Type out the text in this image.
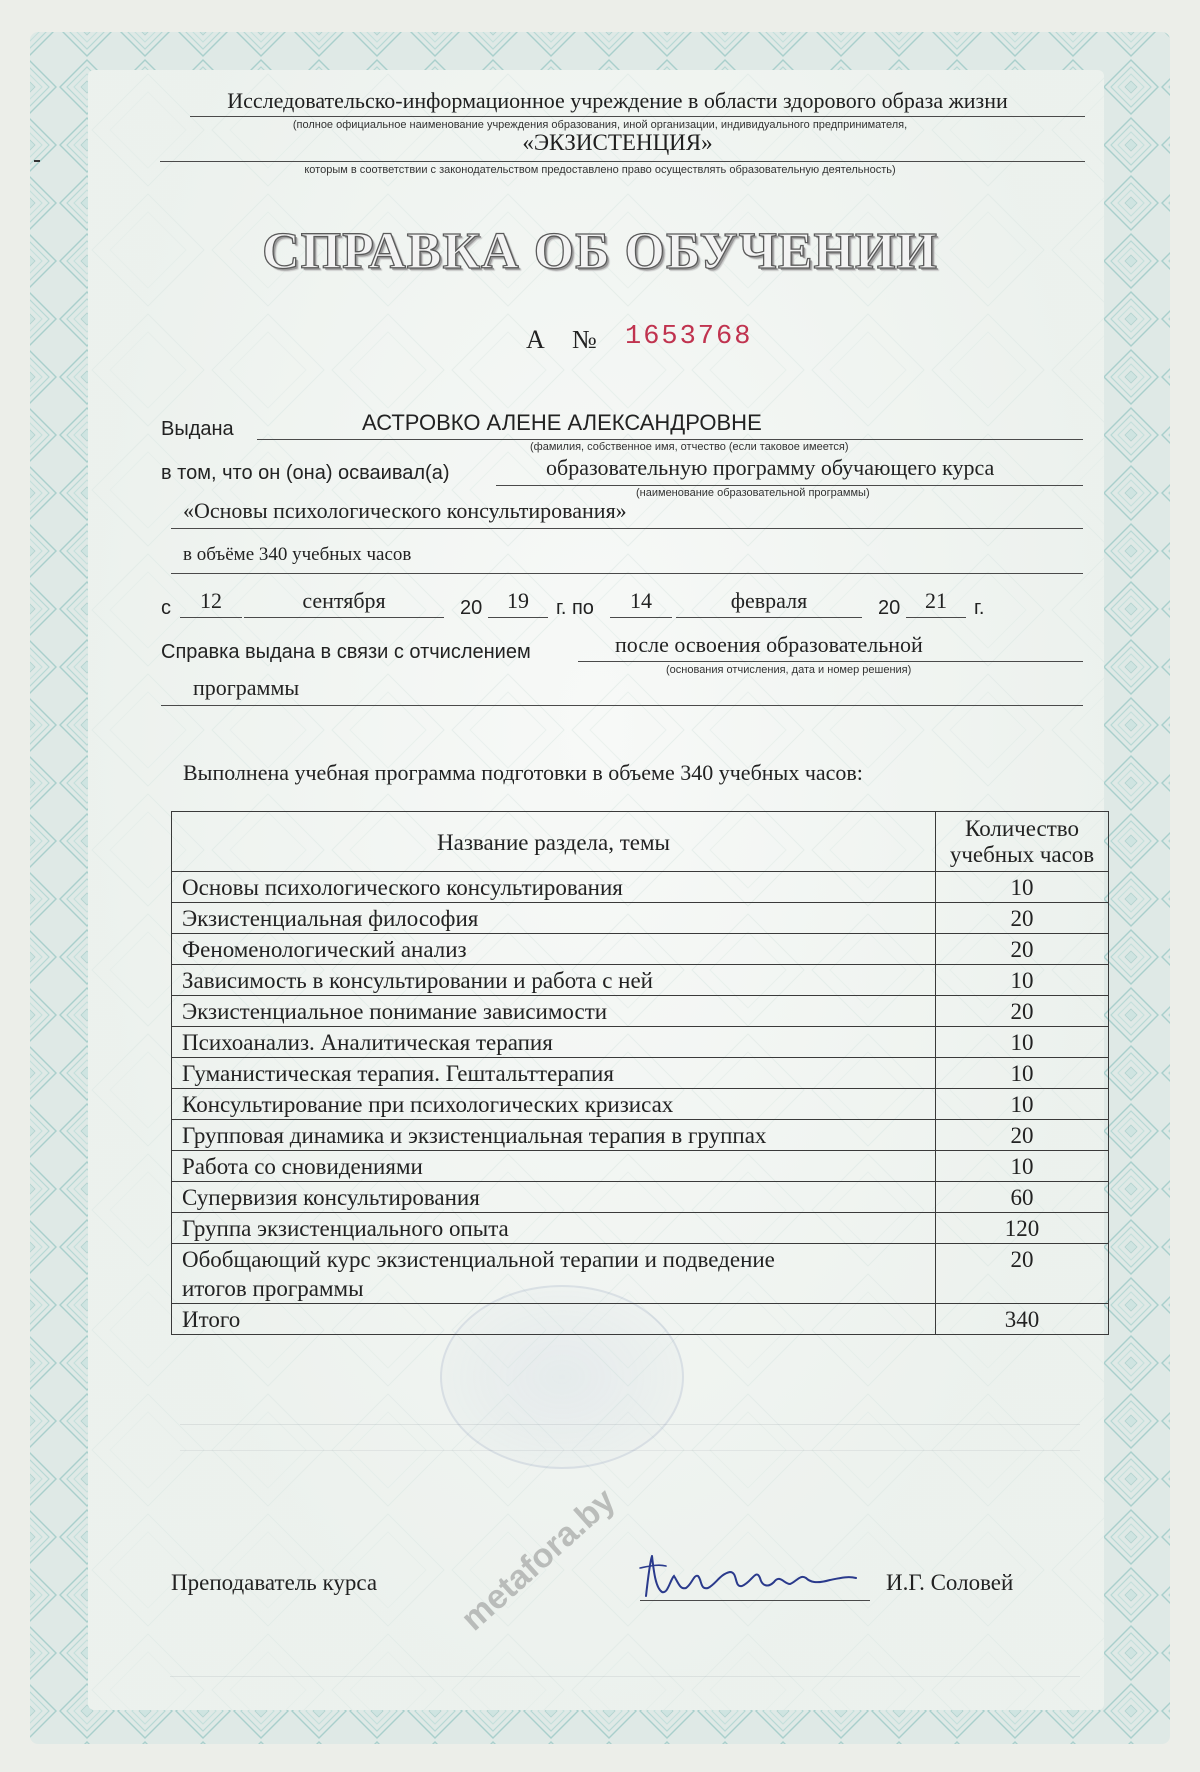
Исследовательско-информационное учреждение в области здорового образа жизни
(полное официальное наименование учреждения образования, иной организации, индивидуального предпринимателя,
«ЭКЗИСТЕНЦИЯ»
которым в соответствии с законодательством предоставлено право осуществлять образовательную деятельность)
СПРАВКА ОБ ОБУЧЕНИИ
А № 1653768
Выдана	АСТРОВКО АЛЕНЕ АЛЕКСАНДРОВНЕ
(фамилия, собственное имя, отчество (если таковое имеется)
в том, что он (она) осваивал(а)	образовательную программу обучающего курса
(наименование образовательной программы)
«Основы психологического консультирования»
в объёме 340 учебных часов
с	12	сентября	20	19	г. по	14	февраля	20	21	г.
Справка выдана в связи с отчислением	после освоения образовательной
(основания отчисления, дата и номер решения)
программы
Выполнена учебная программа подготовки в объеме 340 учебных часов:
Название раздела, темы	Количество учебных часов
Основы психологического консультирования	10
Экзистенциальная философия	20
Феноменологический анализ	20
Зависимость в консультировании и работа с ней	10
Экзистенциальное понимание зависимости	20
Психоанализ. Аналитическая терапия	10
Гуманистическая терапия. Гештальттерапия	10
Консультирование при психологических кризисах	10
Групповая динамика и экзистенциальная терапия в группах	20
Работа со сновидениями	10
Супервизия консультирования	60
Группа экзистенциального опыта	120
Обобщающий курс экзистенциальной терапии и подведение итогов программы	20
Итого	340
Преподаватель курса	И.Г. Соловей
metafora.by
